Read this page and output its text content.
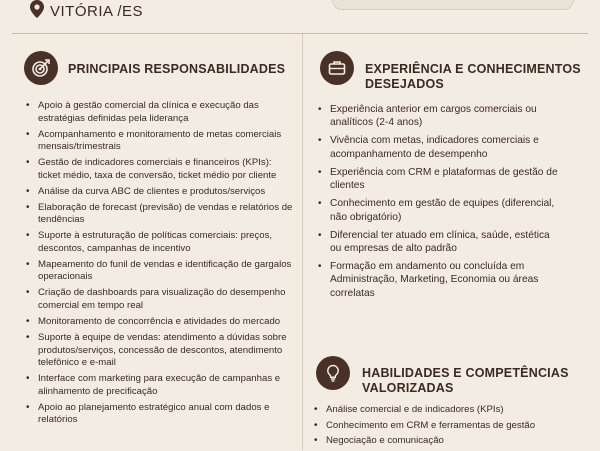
VITÓRIA /ES
PRINCIPAIS RESPONSABILIDADES
• Apoio à gestão comercial da clínica e execução das estratégias definidas pela liderança
• Acompanhamento e monitoramento de metas comerciais mensais/trimestrais
• Gestão de indicadores comerciais e financeiros (KPIs): ticket médio, taxa de conversão, ticket médio por cliente
• Análise da curva ABC de clientes e produtos/serviços
• Elaboração de forecast (previsão) de vendas e relatórios de tendências
• Suporte à estruturação de políticas comerciais: preços, descontos, campanhas de incentivo
• Mapeamento do funil de vendas e identificação de gargalos operacionais
• Criação de dashboards para visualização do desempenho comercial em tempo real
• Monitoramento de concorrência e atividades do mercado
• Suporte à equipe de vendas: atendimento a dúvidas sobre produtos/serviços, concessão de descontos, atendimento telefônico e e-mail
• Interface com marketing para execução de campanhas e alinhamento de precificação
• Apoio ao planejamento estratégico anual com dados e relatórios
EXPERIÊNCIA E CONHECIMENTOS
DESEJADOS
• Experiência anterior em cargos comerciais ou analíticos (2-4 anos)
• Vivência com metas, indicadores comerciais e acompanhamento de desempenho
• Experiência com CRM e plataformas de gestão de clientes
• Conhecimento em gestão de equipes (diferencial, não obrigatório)
• Diferencial ter atuado em clínica, saúde, estética ou empresas de alto padrão
• Formação em andamento ou concluída em Administração, Marketing, Economia ou áreas correlatas
HABILIDADES E COMPETÊNCIAS
VALORIZADAS
• Análise comercial e de indicadores (KPIs)
• Conhecimento em CRM e ferramentas de gestão
• Negociação e comunicação
